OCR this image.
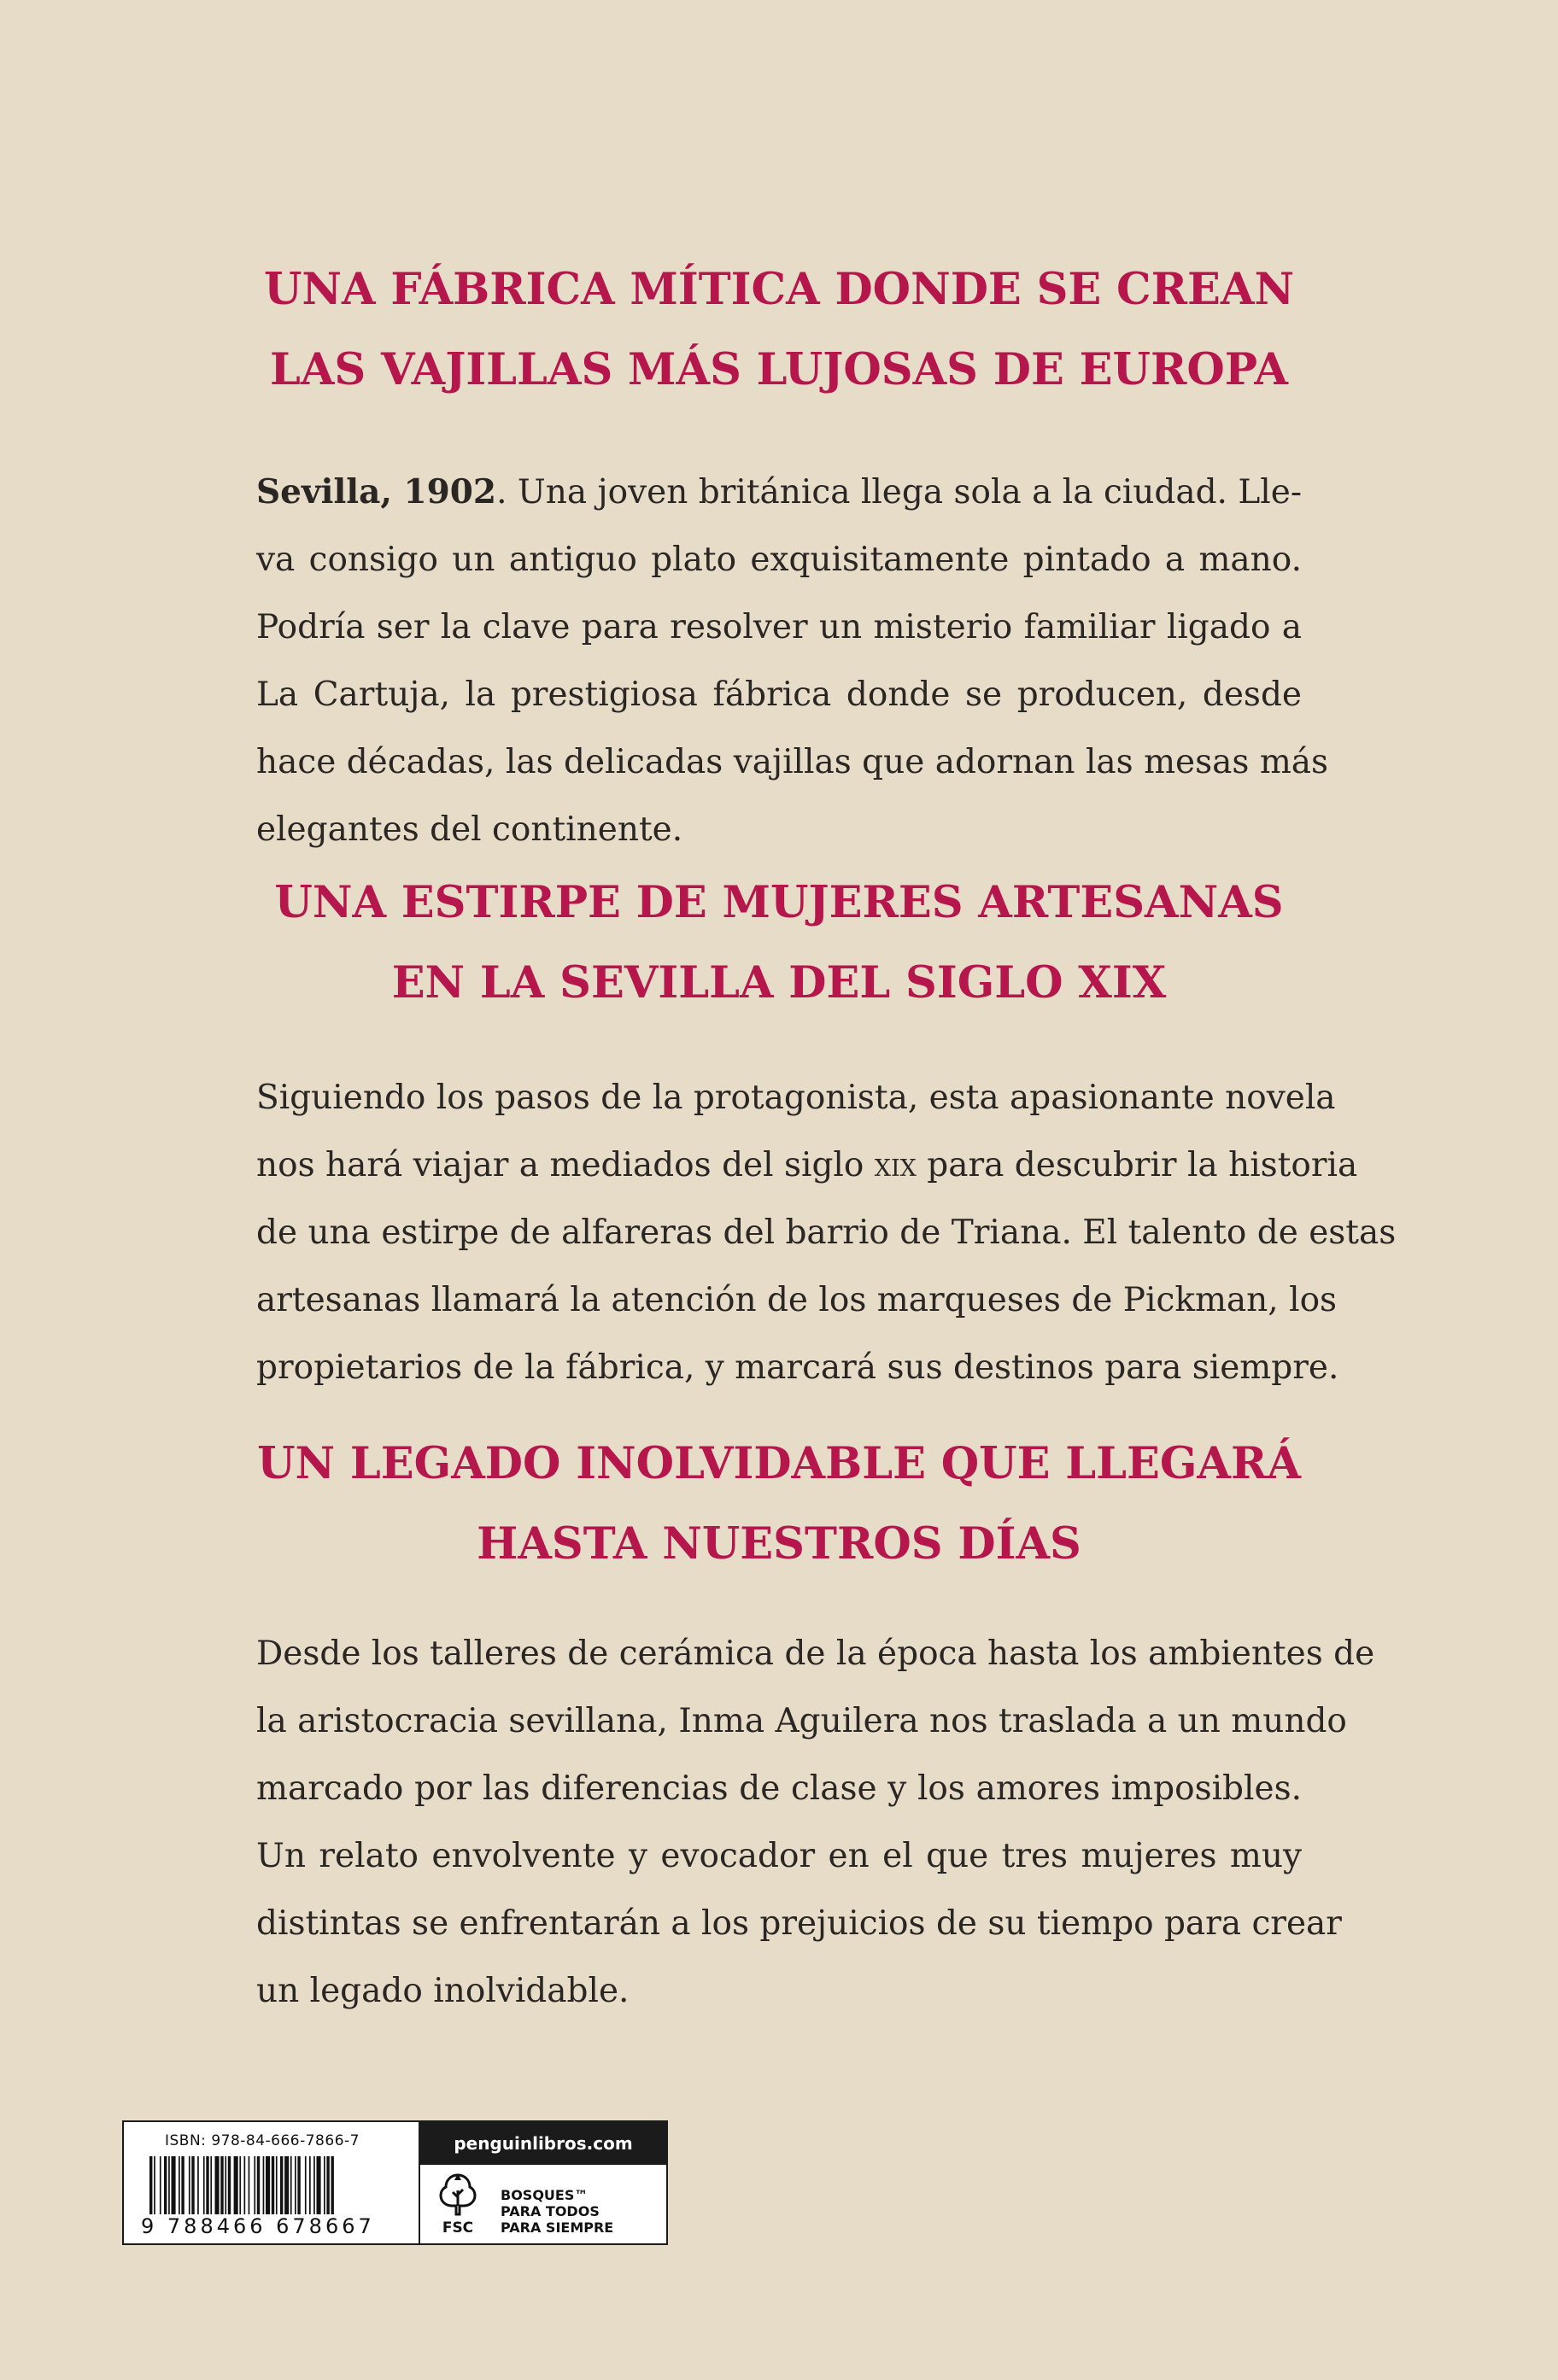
UNA FÁBRICA MÍTICA DONDE SE CREAN
LAS VAJILLAS MÁS LUJOSAS DE EUROPA
Sevilla, 1902. Una joven británica llega sola a la ciudad. Lle-
va consigo un antiguo plato exquisitamente pintado a mano.
Podría ser la clave para resolver un misterio familiar ligado a
La Cartuja, la prestigiosa fábrica donde se producen, desde
hace décadas, las delicadas vajillas que adornan las mesas más
elegantes del continente.
UNA ESTIRPE DE MUJERES ARTESANAS
EN LA SEVILLA DEL SIGLO XIX
Siguiendo los pasos de la protagonista, esta apasionante novela
nos hará viajar a mediados del siglo xix para descubrir la historia
de una estirpe de alfareras del barrio de Triana. El talento de estas
artesanas llamará la atención de los marqueses de Pickman, los
propietarios de la fábrica, y marcará sus destinos para siempre.
UN LEGADO INOLVIDABLE QUE LLEGARÁ
HASTA NUESTROS DÍAS
Desde los talleres de cerámica de la época hasta los ambientes de
la aristocracia sevillana, Inma Aguilera nos traslada a un mundo
marcado por las diferencias de clase y los amores imposibles.
Un relato envolvente y evocador en el que tres mujeres muy
distintas se enfrentarán a los prejuicios de su tiempo para crear
un legado inolvidable.
ISBN: 978-84-666-7866-7
9 788466 678667
penguinlibros.com
FSC
BOSQUES™
PARA TODOS
PARA SIEMPRE
